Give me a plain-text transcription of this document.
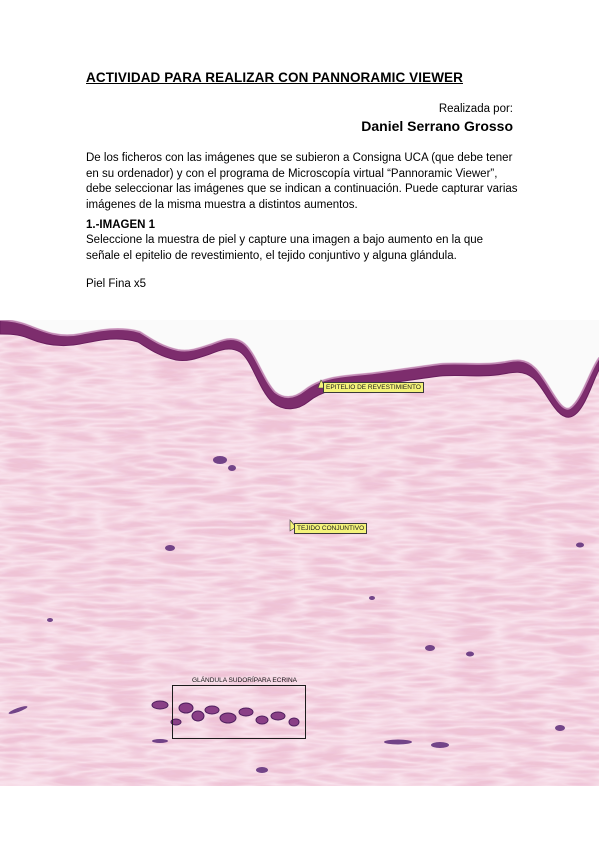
ACTIVIDAD PARA REALIZAR CON PANNORAMIC VIEWER
Realizada por:
Daniel Serrano Grosso
De los ficheros con las imágenes que se subieron a Consigna UCA (que debe tener en su ordenador) y con el programa de Microscopía virtual “Pannoramic Viewer”, debe seleccionar las imágenes que se indican a continuación. Puede capturar varias imágenes de la misma muestra a distintos aumentos.
1.-IMAGEN 1
Seleccione la muestra de piel y capture una imagen a bajo aumento en la que señale el epitelio de revestimiento, el tejido conjuntivo y alguna glándula.
Piel Fina x5
EPITELIO DE REVESTIMIENTO
TEJIDO CONJUNTIVO
GLÁNDULA SUDORÍPARA ECRINA
